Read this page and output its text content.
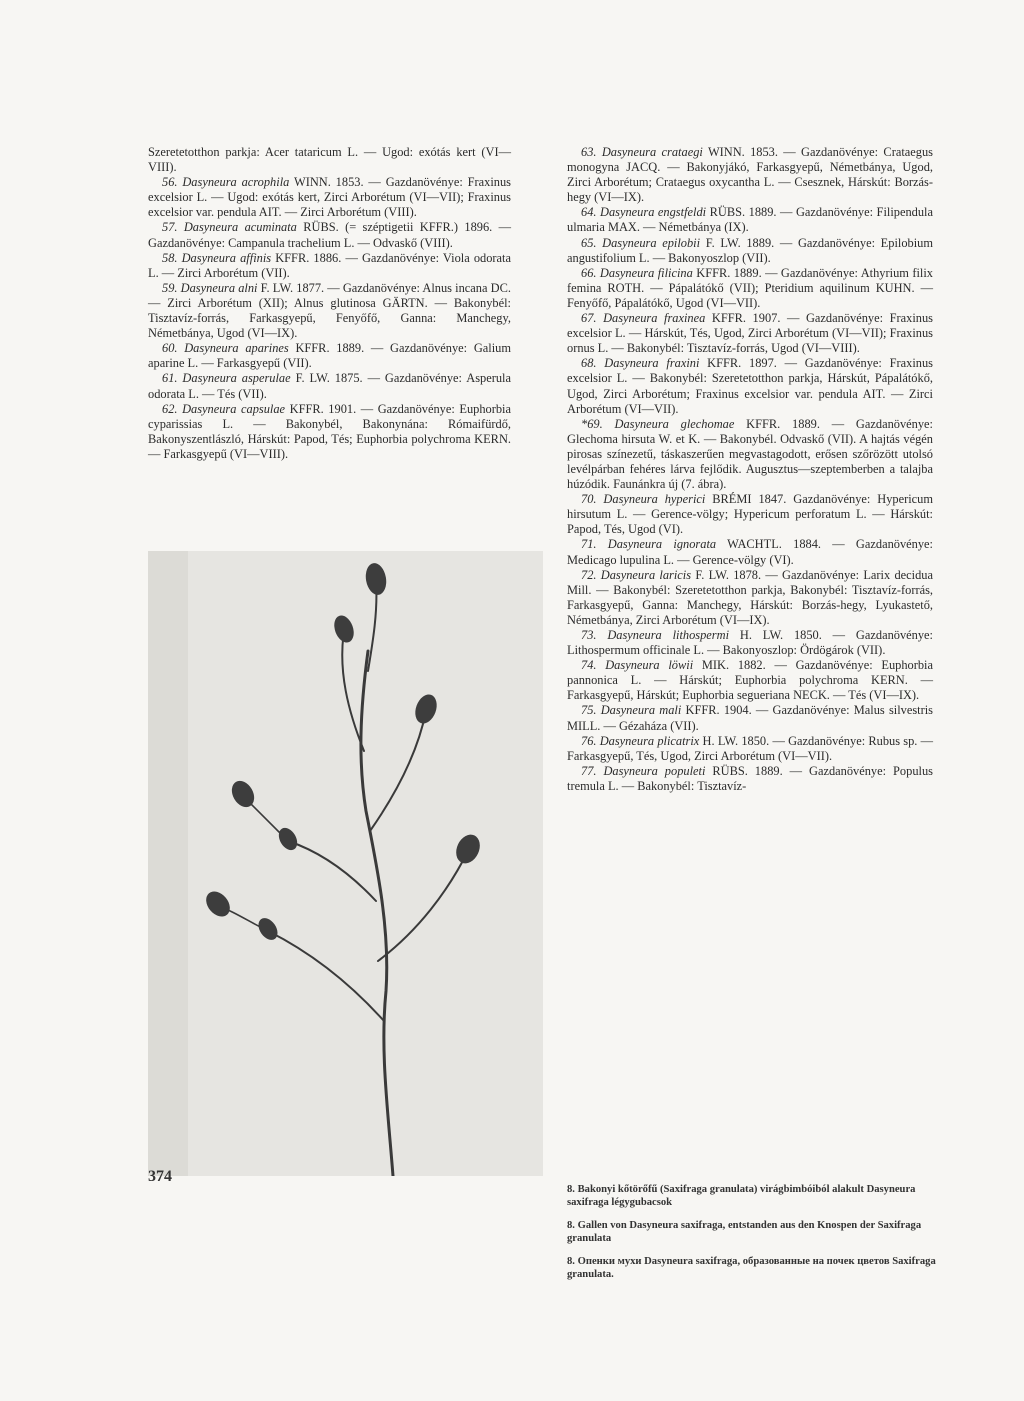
Szeretetotthon parkja: Acer tataricum L. — Ugod: exótás kert (VI—VIII).

56. Dasyneura acrophila WINN. 1853. — Gazdanövénye: Fraxinus excelsior L. — Ugod: exótás kert, Zirci Arborétum (VI—VII); Fraxinus excelsior var. pendula AIT. — Zirci Arborétum (VIII).

57. Dasyneura acuminata RÜBS. (= széptigetii KFFR.) 1896. — Gazdanövénye: Campanula trachelium L. — Odvaskő (VIII).

58. Dasyneura affinis KFFR. 1886. — Gazdanövénye: Viola odorata L. — Zirci Arborétum (VII).

59. Dasyneura alni F. LW. 1877. — Gazdanövénye: Alnus incana DC. — Zirci Arborétum (XII); Alnus glutinosa GÄRTN. — Bakonybél: Tisztavíz-forrás, Farkasgyepű, Fenyőfő, Ganna: Manchegy, Németbánya, Ugod (VI—IX).

60. Dasyneura aparines KFFR. 1889. — Gazdanövénye: Galium aparine L. — Farkasgyepű (VII).

61. Dasyneura asperulae F. LW. 1875. — Gazdanövénye: Asperula odorata L. — Tés (VII).

62. Dasyneura capsulae KFFR. 1901. — Gazdanövénye: Euphorbia cyparissias L. — Bakonybél, Bakonynána: Rómaifürdő, Bakonyszentlászló, Hárskút: Papod, Tés; Euphorbia polychroma KERN. — Farkasgyepű (VI—VIII).

63. Dasyneura crataegi WINN. 1853. — Gazdanövénye: Crataegus monogyna JACQ. — Bakonyjákó, Farkasgyepű, Németbánya, Ugod, Zirci Arborétum; Crataegus oxycantha L. — Csesznek, Hárskút: Borzás-hegy (VI—IX).

64. Dasyneura engstfeldi RÜBS. 1889. — Gazdanövénye: Filipendula ulmaria MAX. — Németbánya (IX).

65. Dasyneura epilobii F. LW. 1889. — Gazdanövénye: Epilobium angustifolium L. — Bakonyoszlop (VII).

66. Dasyneura filicina KFFR. 1889. — Gazdanövénye: Athyrium filix femina ROTH. — Pápalátókő (VII); Pteridium aquilinum KUHN. — Fenyőfő, Pápalátókő, Ugod (VI—VII).

67. Dasyneura fraxinea KFFR. 1907. — Gazdanövénye: Fraxinus excelsior L. — Hárskút, Tés, Ugod, Zirci Arborétum (VI—VII); Fraxinus ornus L. — Bakonybél: Tisztavíz-forrás, Ugod (VI—VIII).

68. Dasyneura fraxini KFFR. 1897. — Gazdanövénye: Fraxinus excelsior L. — Bakonybél: Szeretetotthon parkja, Hárskút, Pápalátókő, Ugod, Zirci Arborétum; Fraxinus excelsior var. pendula AIT. — Zirci Arborétum (VI—VII).

*69. Dasyneura glechomae KFFR. 1889. — Gazdanövénye: Glechoma hirsuta W. et K. — Bakonybél. Odvaskő (VII). A hajtás végén pirosas színezetű, táskaszerűen megvastagodott, erősen szőrözött utolsó levélpárban fehéres lárva fejlődik. Augusztus—szeptemberben a talajba húzódik. Faunánkra új (7. ábra).

70. Dasyneura hyperici BRÉMI 1847. Gazdanövénye: Hypericum hirsutum L. — Gerence-völgy; Hypericum perforatum L. — Hárskút: Papod, Tés, Ugod (VI).

71. Dasyneura ignorata WACHTL. 1884. — Gazdanövénye: Medicago lupulina L. — Gerence-völgy (VI).

72. Dasyneura laricis F. LW. 1878. — Gazdanövénye: Larix decidua Mill. — Bakonybél: Szeretetotthon parkja, Bakonybél: Tisztavíz-forrás, Farkasgyepű, Ganna: Manchegy, Hárskút: Borzás-hegy, Lyukastető, Németbánya, Zirci Arborétum (VI—IX).

73. Dasyneura lithospermi H. LW. 1850. — Gazdanövénye: Lithospermum officinale L. — Bakonyoszlop: Ördögárok (VII).

74. Dasyneura löwii MIK. 1882. — Gazdanövénye: Euphorbia pannonica L. — Hárskút; Euphorbia polychroma KERN. — Farkasgyepű, Hárskút; Euphorbia segueriana NECK. — Tés (VI—IX).

75. Dasyneura mali KFFR. 1904. — Gazdanövénye: Malus silvestris MILL. — Gézaháza (VII).

76. Dasyneura plicatrix H. LW. 1850. — Gazdanövénye: Rubus sp. — Farkasgyepű, Tés, Ugod, Zirci Arborétum (VI—VII).

77. Dasyneura populeti RÜBS. 1889. — Gazdanövénye: Populus tremula L. — Bakonybél: Tisztavíz-

8. Bakonyi kőtörőfű (Saxifraga granulata) virágbimbóiból alakult Dasyneura saxifraga légygubacsok

8. Gallen von Dasyneura saxifraga, entstanden aus den Knospen der Saxifraga granulata

8. Опенки мухи Dasyneura saxifraga, образованные на почек цветов Saxifraga granulata.

374
